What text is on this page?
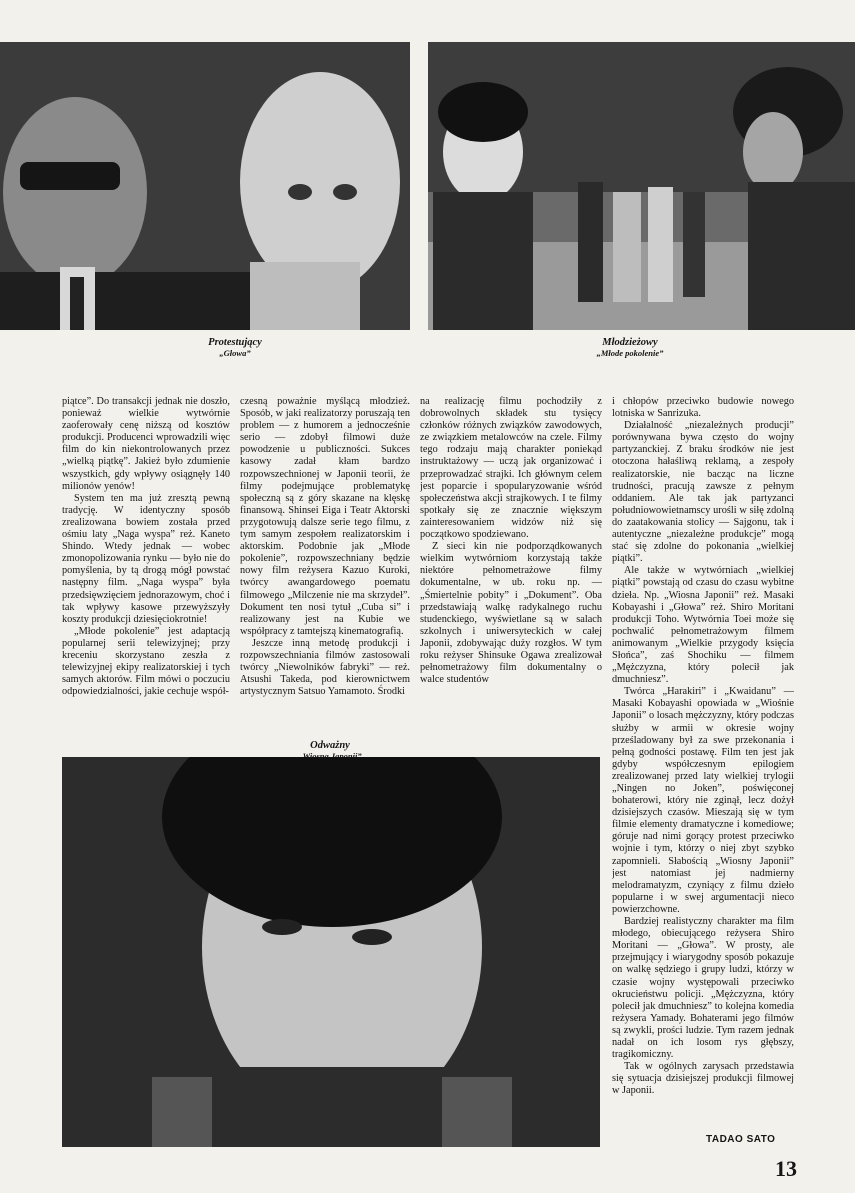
Protestujący
„Głowa”
Młodzieżowy
„Młode pokolenie”

piątce”. Do transakcji jednak nie doszło, ponieważ wielkie wytwórnie zaoferowały cenę niższą od kosztów produkcji. Producenci wprowadzili więc film do kin niekontrolowanych przez „wielką piątkę”. Jakież było zdumienie wszystkich, gdy wpływy osiągnęły 140 milionów yenów!

System ten ma już zresztą pewną tradycję. W identyczny sposób zrealizowana bowiem została przed ośmiu laty „Naga wyspa” reż. Kaneto Shindo. Wtedy jednak — wobec zmonopolizowania rynku — było nie do pomyślenia, by tą drogą mógł powstać następny film. „Naga wyspa” była przedsięwzięciem jednorazowym, choć i tak wpływy kasowe przewyższyły koszty produkcji dziesięciokrotnie!

„Młode pokolenie” jest adaptacją popularnej serii telewizyjnej; przy kreceniu skorzystano zeszła z telewizyjnej ekipy realizatorskiej i tych samych aktorów. Film mówi o poczuciu odpowiedzialności, jakie cechuje współ-

czesną poważnie myślącą młodzież. Sposób, w jaki realizatorzy poruszają ten problem — z humorem a jednocześnie serio — zdobył filmowi duże powodzenie u publiczności. Sukces kasowy zadał kłam bardzo rozpowszechnionej w Japonii teorii, że filmy podejmujące problematykę społeczną są z góry skazane na klęskę finansową. Shinsei Eiga i Teatr Aktorski przygotowują dalsze serie tego filmu, z tym samym zespołem realizatorskim i aktorskim. Podobnie jak „Młode pokolenie”, rozpowszechniany będzie nowy film reżysera Kazuo Kuroki, twórcy awangardowego poematu filmowego „Milczenie nie ma skrzydeł”. Dokument ten nosi tytuł „Cuba si” i realizowany jest na Kubie we współpracy z tamtejszą kinematografią.

Jeszcze inną metodę produkcji i rozpowszechniania filmów zastosowali twórcy „Niewolników fabryki” — reż. Atsushi Takeda, pod kierownictwem artystycznym Satsuo Yamamoto. Środki

na realizację filmu pochodziły z dobrowolnych składek stu tysięcy członków różnych związków zawodowych, ze związkiem metalowców na czele. Filmy tego rodzaju mają charakter poniekąd instruktażowy — uczą jak organizować i przeprowadzać strajki. Ich głównym celem jest poparcie i spopularyzowanie wśród społeczeństwa akcji strajkowych. I te filmy spotkały się ze znacznie większym zainteresowaniem widzów niż się początkowo spodziewano.

Z sieci kin nie podporządkowanych wielkim wytwórniom korzystają także niektóre pełnometrażowe filmy dokumentalne, w ub. roku np. — „Śmiertelnie pobity” i „Dokument”. Oba przedstawiają walkę radykalnego ruchu studenckiego, wyświetlane są w salach szkolnych i uniwersyteckich w całej Japonii, zdobywając duży rozgłos. W tym roku reżyser Shinsuke Ogawa zrealizował pełnometrażowy film dokumentalny o walce studentów

Odważny

i chłopów przeciwko budowie nowego lotniska w Sanrizuka.

Działalność „niezależnych producji” porównywana bywa często do wojny partyzanckiej. Z braku środków nie jest otoczona hałaśliwą reklamą, a zespoły realizatorskie, nie bacząc na liczne trudności, pracują zawsze z pełnym oddaniem. Ale tak jak partyzanci południowowietnamscy urośli w siłę zdolną do zaatakowania stolicy — Sajgonu, tak i autentyczne „niezależne produkcje” mogą stać się zdolne do pokonania „wielkiej piątki”.

Ale także w wytwórniach „wielkiej piątki” powstają od czasu do czasu wybitne dzieła. Np. „Wiosna Japonii” reż. Masaki Kobayashi i „Głowa” reż. Shiro Moritani produkcji Toho. Wytwórnia Toei może się pochwalić pełnometrażowym filmem animowanym „Wielkie przygody księcia Słońca”, zaś Shochiku — filmem „Mężczyzna, który polecił jak dmuchniesz”.

Twórca „Harakiri” i „Kwaidanu” — Masaki Kobayashi opowiada w „Wiośnie Japonii” o losach mężczyzny, który podczas służby w armii w okresie wojny prześladowany był za swe przekonania i pełną godności postawę. Film ten jest jak gdyby współczesnym epilogiem zrealizowanej przed laty wielkiej trylogii „Ningen no Joken”, poświęconej bohaterowi, który nie zginął, lecz dożył dzisiejszych czasów. Mieszają się w tym filmie elementy dramatyczne i komediowe; góruje nad nimi gorący protest przeciwko wojnie i tym, którzy o niej zbyt szybko zapomnieli. Słabością „Wiosny Japonii” jest natomiast jej nadmierny melodramatyzm, czyniący z filmu dzieło popularne i w swej argumentacji nieco powierzchowne.

Bardziej realistyczny charakter ma film młodego, obiecującego reżysera Shiro Moritani — „Głowa”. W prosty, ale przejmujący i wiarygodny sposób pokazuje on walkę sędziego i grupy ludzi, którzy w czasie wojny występowali przeciwko okrucieństwu policji. „Mężczyzna, który polecił jak dmuchniesz” to kolejna komedia reżysera Yamady. Bohaterami jego filmów są zwykli, prości ludzie. Tym razem jednak nadał on ich losom rys głębszy, tragikomiczny.

Tak w ogólnych zarysach przedstawia się sytuacja dzisiejszej produkcji filmowej w Japonii.

TADAO SATO
13
